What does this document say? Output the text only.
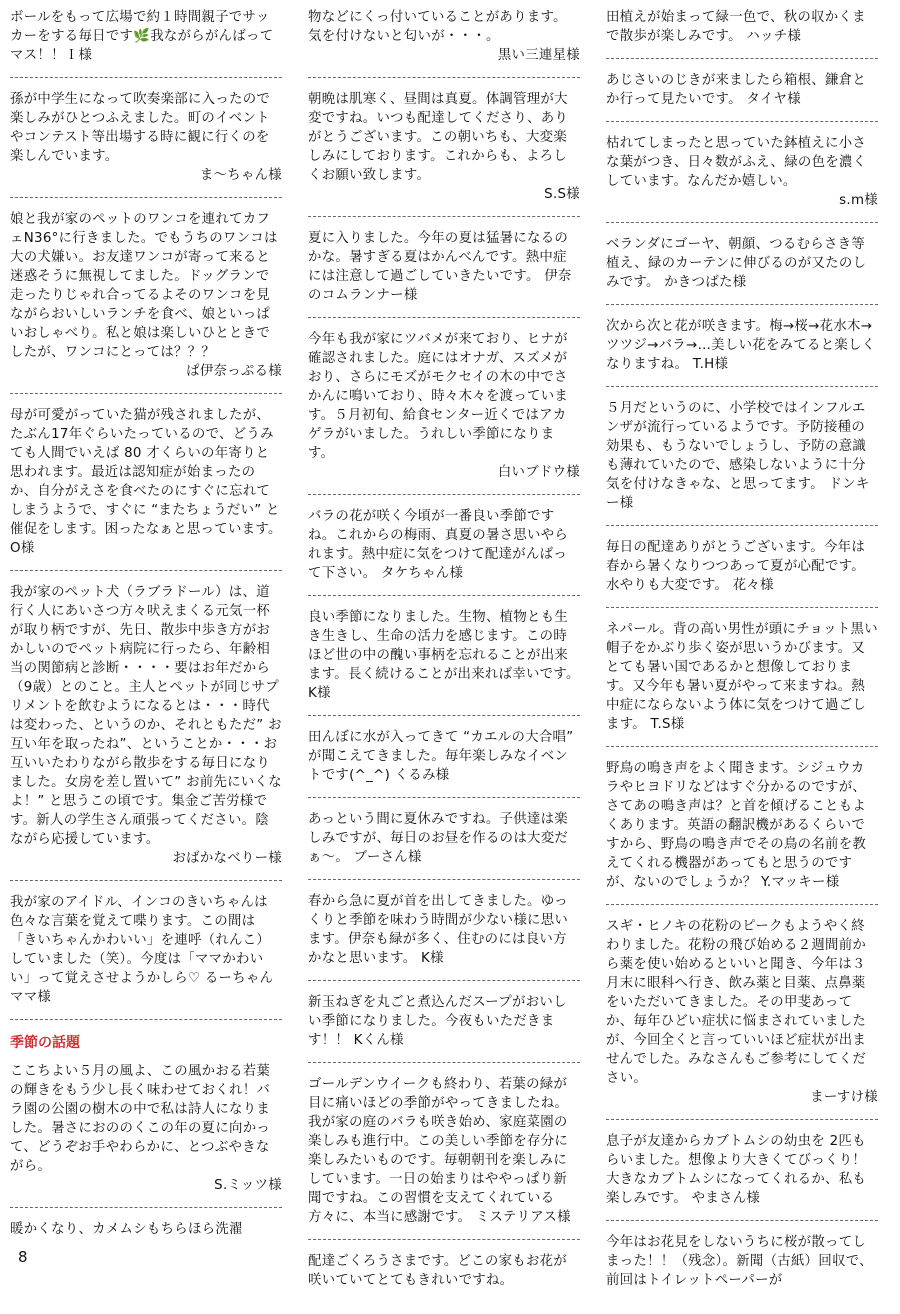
ボールをもって広場で約１時間親子でサッカーをする毎日です🌿我ながらがんばってマス！！Ｉ様
孫が中学生になって吹奏楽部に入ったので楽しみがひとつふえました。町のイベントやコンテスト等出場する時に観に行くのを楽しんでいます。
ま〜ちゃん様
娘と我が家のペットのワンコを連れてカフェN36°に行きました。でもうちのワンコは大の犬嫌い。お友達ワンコが寄って来ると迷惑そうに無視してました。ドッグランで走ったりじゃれ合ってるよそのワンコを見ながらおいしいランチを食べ、娘といっぱいおしゃべり。私と娘は楽しいひとときでしたが、ワンコにとっては？？？
ぱ伊奈っぷる様
母が可愛がっていた猫が残されましたが、たぶん17年ぐらいたっているので、どうみても人間でいえば 80 才くらいの年寄りと思われます。最近は認知症が始まったのか、自分がえさを食べたのにすぐに忘れてしまうようで、すぐに “またちょうだい” と催促をします。困ったなぁと思っています。 O様
我が家のペット犬（ラブラドール）は、道行く人にあいさつ方々吠えまくる元気一杯が取り柄ですが、先日、散歩中歩き方がおかしいのでペット病院に行ったら、年齢相当の関節病と診断・・・・要はお年だから（9歳）とのこと。主人とペットが同じサプリメントを飲むようになるとは・・・時代は変わった、というのか、それともただ” お互い年を取ったね”、ということか・・・お互いいたわりながら散歩をする毎日になりました。女房を差し置いて” お前先にいくなよ！” と思うこの頃です。集金ご苦労様です。新人の学生さん頑張ってください。陰ながら応援しています。
おばかなべりー様
我が家のアイドル、インコのきいちゃんは色々な言葉を覚えて喋ります。この間は「きいちゃんかわいい」を連呼（れんこ）していました（笑）。今度は「ママかわいい」って覚えさせようかしら♡ るーちゃんママ様
季節の話題
ここちよい５月の風よ、この風かおる若葉の輝きをもう少し長く味わせておくれ！バラ園の公園の樹木の中で私は詩人になりました。暑さにおののくこの年の夏に向かって、どうぞお手やわらかに、とつぶやきながら。
S.ミッツ様
暖かくなり、カメムシもちらほら洗濯
物などにくっ付いていることがあります。気を付けないと匂いが・・・。
黒い三連星様
朝晩は肌寒く、昼間は真夏。体調管理が大変ですね。いつも配達してくださり、ありがとうございます。この朝いちも、大変楽しみにしております。これからも、よろしくお願い致します。
S.S様
夏に入りました。今年の夏は猛暑になるのかな。暑すぎる夏はかんべんです。熱中症には注意して過ごしていきたいです。 伊奈のコムランナー様
今年も我が家にツバメが来ており、ヒナが確認されました。庭にはオナガ、スズメがおり、さらにモズがモクセイの木の中でさかんに鳴いており、時々木々を渡っています。５月初旬、給食センター近くではアカゲラがいました。うれしい季節になります。
白いブドウ様
バラの花が咲く今頃が一番良い季節ですね。これからの梅雨、真夏の暑さ思いやられます。熱中症に気をつけて配達がんばって下さい。 タケちゃん様
良い季節になりました。生物、植物とも生き生きし、生命の活力を感じます。この時ほど世の中の醜い事柄を忘れることが出来ます。長く続けることが出来れば幸いです。 K様
田んぼに水が入ってきて “カエルの大合唱” が聞こえてきました。毎年楽しみなイベントです(^_^) くるみ様
あっという間に夏休みですね。子供達は楽しみですが、毎日のお昼を作るのは大変だぁ〜。 ブーさん様
春から急に夏が首を出してきました。ゆっくりと季節を味わう時間が少ない様に思います。伊奈も緑が多く、住むのには良い方かなと思います。 K様
新玉ねぎを丸ごと煮込んだスープがおいしい季節になりました。今夜もいただきます！！ Kくん様
ゴールデンウイークも終わり、若葉の緑が目に痛いほどの季節がやってきましたね。我が家の庭のバラも咲き始め、家庭菜園の楽しみも進行中。この美しい季節を存分に楽しみたいものです。毎朝朝刊を楽しみにしています。一日の始まりはややっぱり新聞ですね。この習慣を支えてくれている方々に、本当に感謝です。 ミステリアス様
配達ごくろうさまです。どこの家もお花が咲いていてとてもきれいですね。
田植えが始まって緑一色で、秋の収かくまで散歩が楽しみです。 ハッチ様
あじさいのじきが来ましたら箱根、鎌倉とか行って見たいです。 タイヤ様
枯れてしまったと思っていた鉢植えに小さな葉がつき、日々数がふえ、緑の色を濃くしています。なんだか嬉しい。
s.m様
ベランダにゴーヤ、朝顔、つるむらさき等植え、緑のカーテンに伸びるのが又たのしみです。 かきつばた様
次から次と花が咲きます。梅→桜→花水木→ツツジ→バラ→…美しい花をみてると楽しくなりますね。 T.H様
５月だというのに、小学校ではインフルエンザが流行っているようです。予防接種の効果も、もうないでしょうし、予防の意識も薄れていたので、感染しないように十分気を付けなきゃな、と思ってます。 ドンキー様
毎日の配達ありがとうございます。今年は春から暑くなりつつあって夏が心配です。水やりも大変です。 花々様
ネパール。背の高い男性が頭にチョット黒い帽子をかぶり歩く姿が思いうかびます。又とても暑い国であるかと想像しております。又今年も暑い夏がやって来ますね。熱中症にならないよう体に気をつけて過ごします。 T.S様
野鳥の鳴き声をよく聞きます。シジュウカラやヒヨドリなどはすぐ分かるのですが、さてあの鳴き声は？と首を傾げることもよくあります。英語の翻訳機があるくらいですから、野鳥の鳴き声でその鳥の名前を教えてくれる機器があってもと思うのですが、ないのでしょうか？ Y.マッキー様
スギ・ヒノキの花粉のピークもようやく終わりました。花粉の飛び始める２週間前から薬を使い始めるといいと聞き、今年は３月末に眼科へ行き、飲み薬と目薬、点鼻薬をいただいてきました。その甲斐あってか、毎年ひどい症状に悩まされていましたが、今回全くと言っていいほど症状が出ませんでした。みなさんもご参考にしてください。
まーすけ様
息子が友達からカブトムシの幼虫を 2匹もらいました。想像より大きくてびっくり！大きなカブトムシになってくれるか、私も楽しみです。 やまさん様
今年はお花見をしないうちに桜が散ってしまった！！（残念）。新聞（古紙）回収で、前回はトイレットペーパーが
8
